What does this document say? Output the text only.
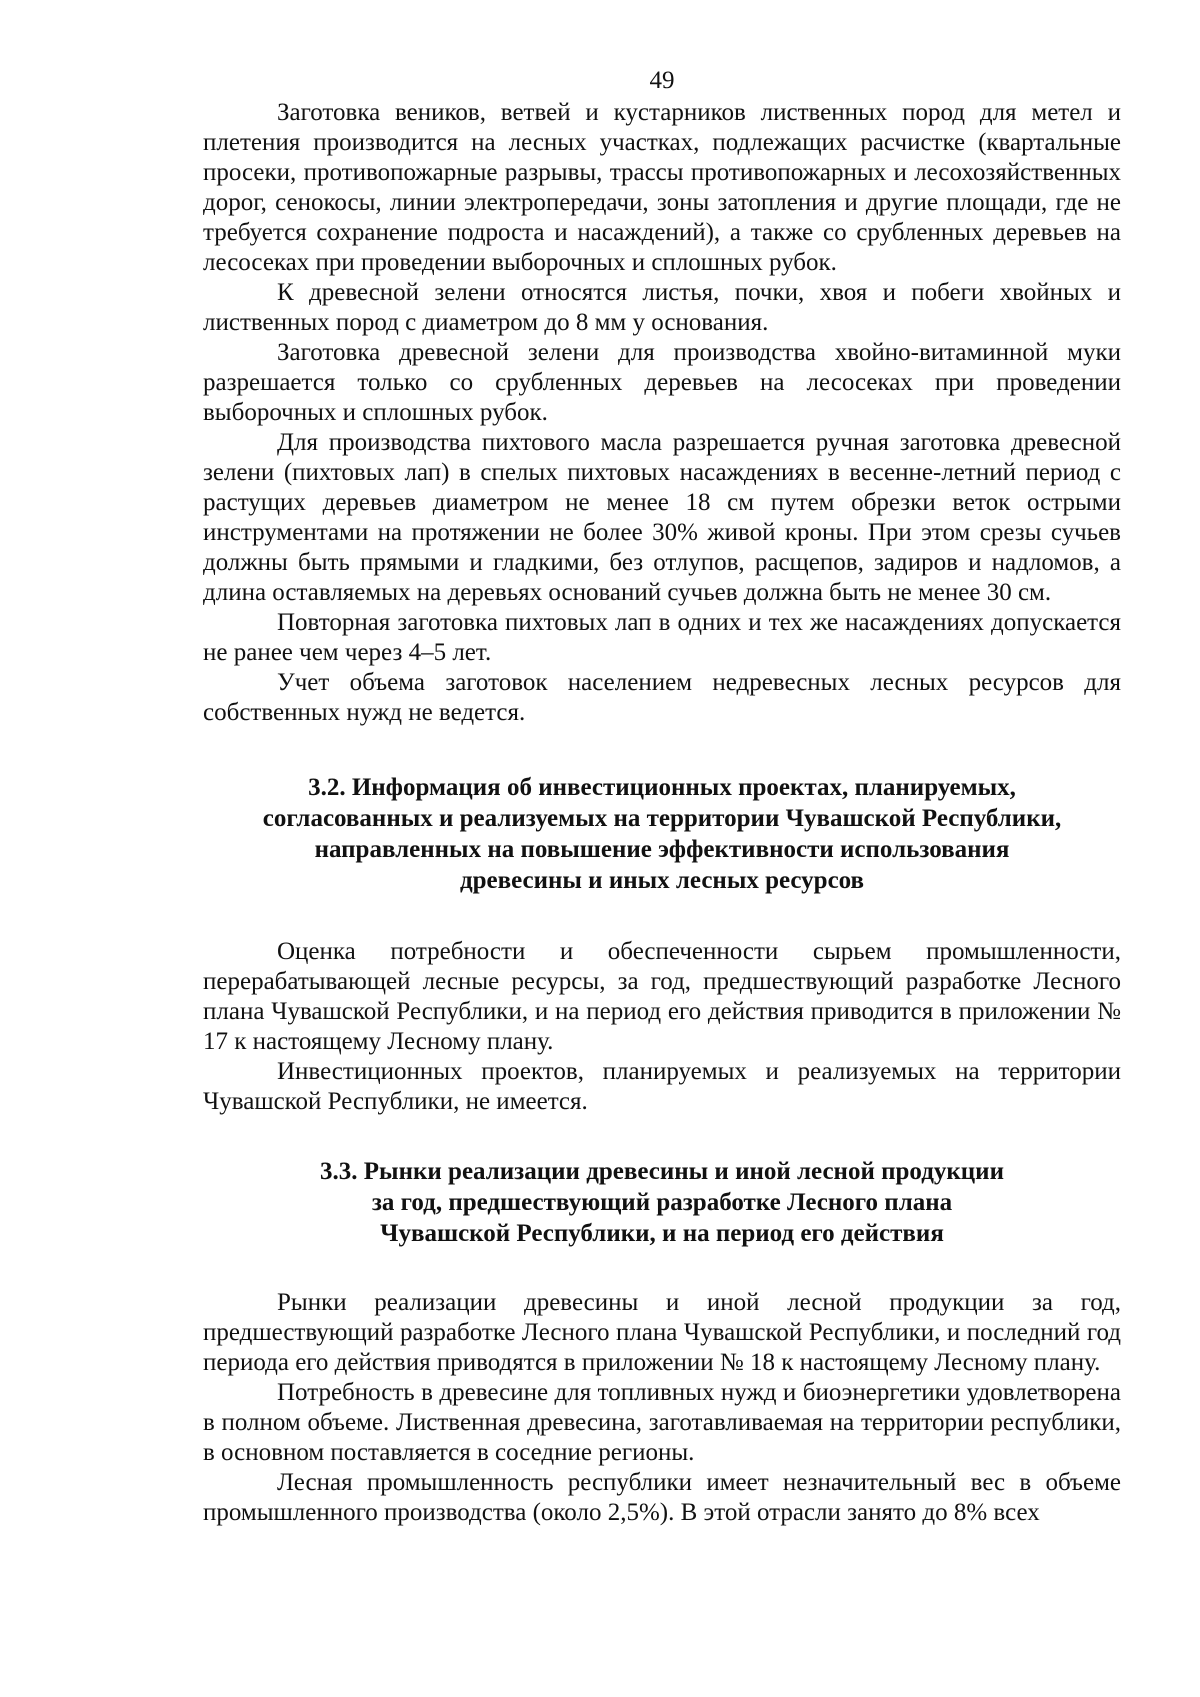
49

Заготовка веников, ветвей и кустарников лиственных пород для метел и плетения производится на лесных участках, подлежащих расчистке (квартальные просеки, противопожарные разрывы, трассы противопожарных и лесохозяйственных дорог, сенокосы, линии электропередачи, зоны затопления и другие площади, где не требуется сохранение подроста и насаждений), а также со срубленных деревьев на лесосеках при проведении выборочных и сплошных рубок.

К древесной зелени относятся листья, почки, хвоя и побеги хвойных и лиственных пород с диаметром до 8 мм у основания.

Заготовка древесной зелени для производства хвойно-витаминной муки разрешается только со срубленных деревьев на лесосеках при проведении выборочных и сплошных рубок.

Для производства пихтового масла разрешается ручная заготовка древесной зелени (пихтовых лап) в спелых пихтовых насаждениях в весенне-летний период с растущих деревьев диаметром не менее 18 см путем обрезки веток острыми инструментами на протяжении не более 30% живой кроны. При этом срезы сучьев должны быть прямыми и гладкими, без отлупов, расщепов, задиров и надломов, а длина оставляемых на деревьях оснований сучьев должна быть не менее 30 см.

Повторная заготовка пихтовых лап в одних и тех же насаждениях допускается не ранее чем через 4–5 лет.

Учет объема заготовок населением недревесных лесных ресурсов для собственных нужд не ведется.

3.2. Информация об инвестиционных проектах, планируемых,
согласованных и реализуемых на территории Чувашской Республики,
направленных на повышение эффективности использования
древесины и иных лесных ресурсов

Оценка потребности и обеспеченности сырьем промышленности, перерабатывающей лесные ресурсы, за год, предшествующий разработке Лесного плана Чувашской Республики, и на период его действия приводится в приложении № 17 к настоящему Лесному плану.

Инвестиционных проектов, планируемых и реализуемых на территории Чувашской Республики, не имеется.

3.3. Рынки реализации древесины и иной лесной продукции
за год, предшествующий разработке Лесного плана
Чувашской Республики, и на период его действия

Рынки реализации древесины и иной лесной продукции за год, предшествующий разработке Лесного плана Чувашской Республики, и последний год периода его действия приводятся в приложении № 18 к настоящему Лесному плану.

Потребность в древесине для топливных нужд и биоэнергетики удовлетворена в полном объеме. Лиственная древесина, заготавливаемая на территории республики, в основном поставляется в соседние регионы.

Лесная промышленность республики имеет незначительный вес в объеме промышленного производства (около 2,5%). В этой отрасли занято до 8% всех
